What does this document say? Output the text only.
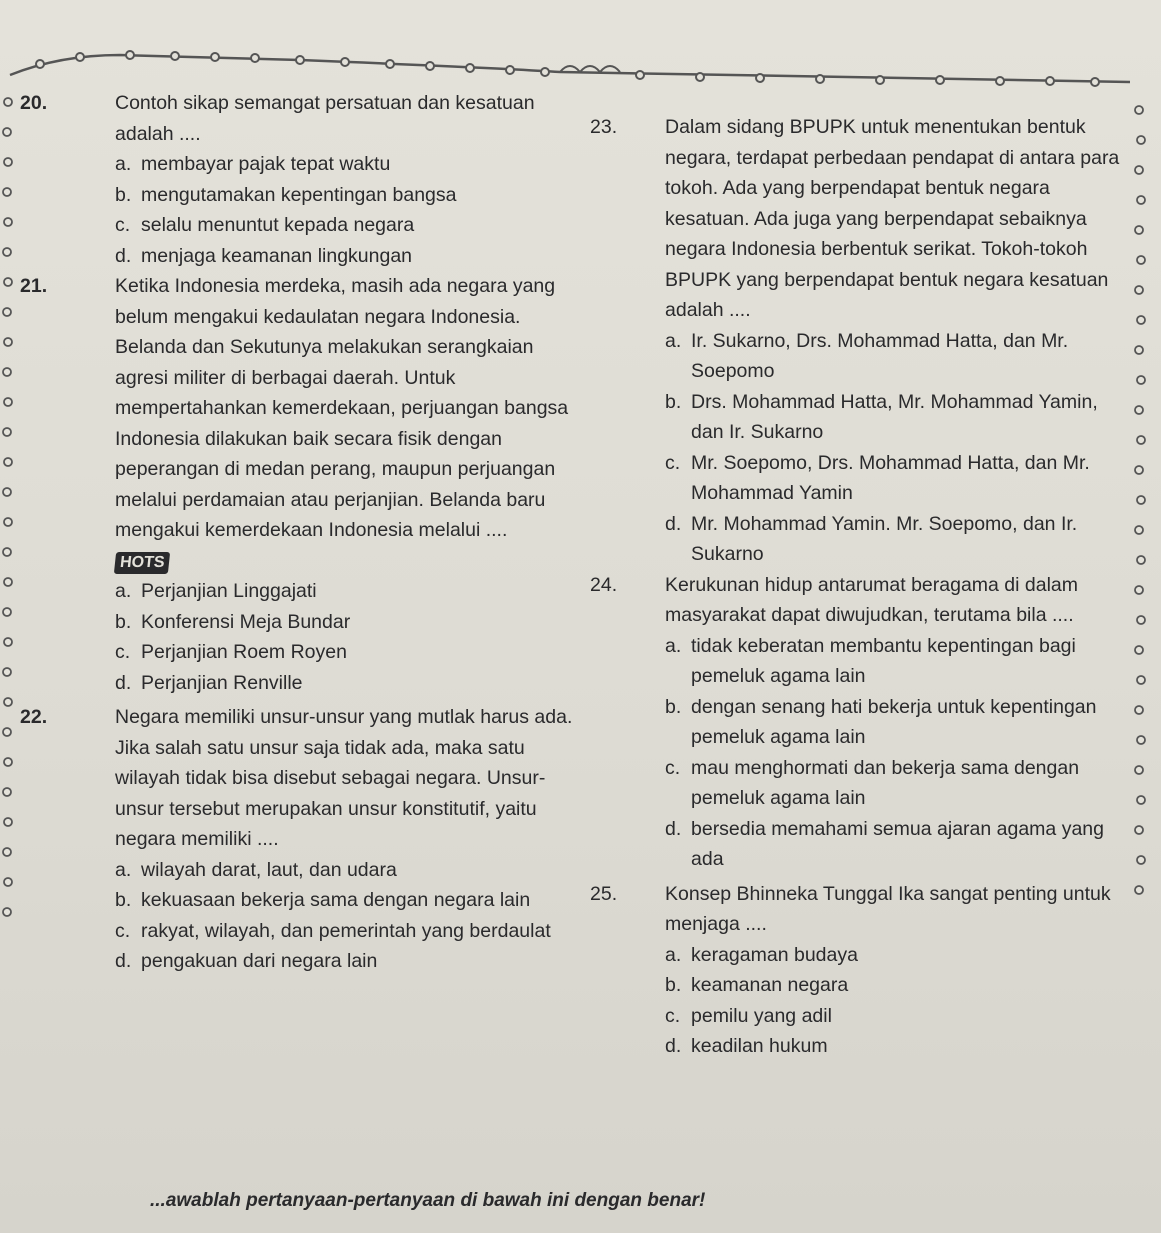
20.	Contoh sikap semangat persatuan dan kesatuan adalah ....
a. membayar pajak tepat waktu
b. mengutamakan kepentingan bangsa
c. selalu menuntut kepada negara
d. menjaga keamanan lingkungan
21.	Ketika Indonesia merdeka, masih ada negara yang belum mengakui kedaulatan negara Indonesia. Belanda dan Sekutunya melakukan serangkaian agresi militer di berbagai daerah. Untuk mempertahankan kemerdekaan, perjuangan bangsa Indonesia dilakukan baik secara fisik dengan peperangan di medan perang, maupun perjuangan melalui perdamaian atau perjanjian. Belanda baru mengakui kemerdekaan Indonesia melalui ....
HOTS
a. Perjanjian Linggajati
b. Konferensi Meja Bundar
c. Perjanjian Roem Royen
d. Perjanjian Renville
22.	Negara memiliki unsur-unsur yang mutlak harus ada. Jika salah satu unsur saja tidak ada, maka satu wilayah tidak bisa disebut sebagai negara. Unsur-unsur tersebut merupakan unsur konstitutif, yaitu negara memiliki ....
a. wilayah darat, laut, dan udara
b. kekuasaan bekerja sama dengan negara lain
c. rakyat, wilayah, dan pemerintah yang berdaulat
d. pengakuan dari negara lain
23.	Dalam sidang BPUPK untuk menentukan bentuk negara, terdapat perbedaan pendapat di antara para tokoh. Ada yang berpendapat bentuk negara kesatuan. Ada juga yang berpendapat sebaiknya negara Indonesia berbentuk serikat. Tokoh-tokoh BPUPK yang berpendapat bentuk negara kesatuan adalah ....
a. Ir. Sukarno, Drs. Mohammad Hatta, dan Mr. Soepomo
b. Drs. Mohammad Hatta, Mr. Mohammad Yamin, dan Ir. Sukarno
c. Mr. Soepomo, Drs. Mohammad Hatta, dan Mr. Mohammad Yamin
d. Mr. Mohammad Yamin. Mr. Soepomo, dan Ir. Sukarno
24.	Kerukunan hidup antarumat beragama di dalam masyarakat dapat diwujudkan, terutama bila ....
a. tidak keberatan membantu kepentingan bagi pemeluk agama lain
b. dengan senang hati bekerja untuk kepentingan pemeluk agama lain
c. mau menghormati dan bekerja sama dengan pemeluk agama lain
d. bersedia memahami semua ajaran agama yang ada
25.	Konsep Bhinneka Tunggal Ika sangat penting untuk menjaga ....
a. keragaman budaya
b. keamanan negara
c. pemilu yang adil
d. keadilan hukum
...awablah pertanyaan-pertanyaan di bawah ini dengan benar!
